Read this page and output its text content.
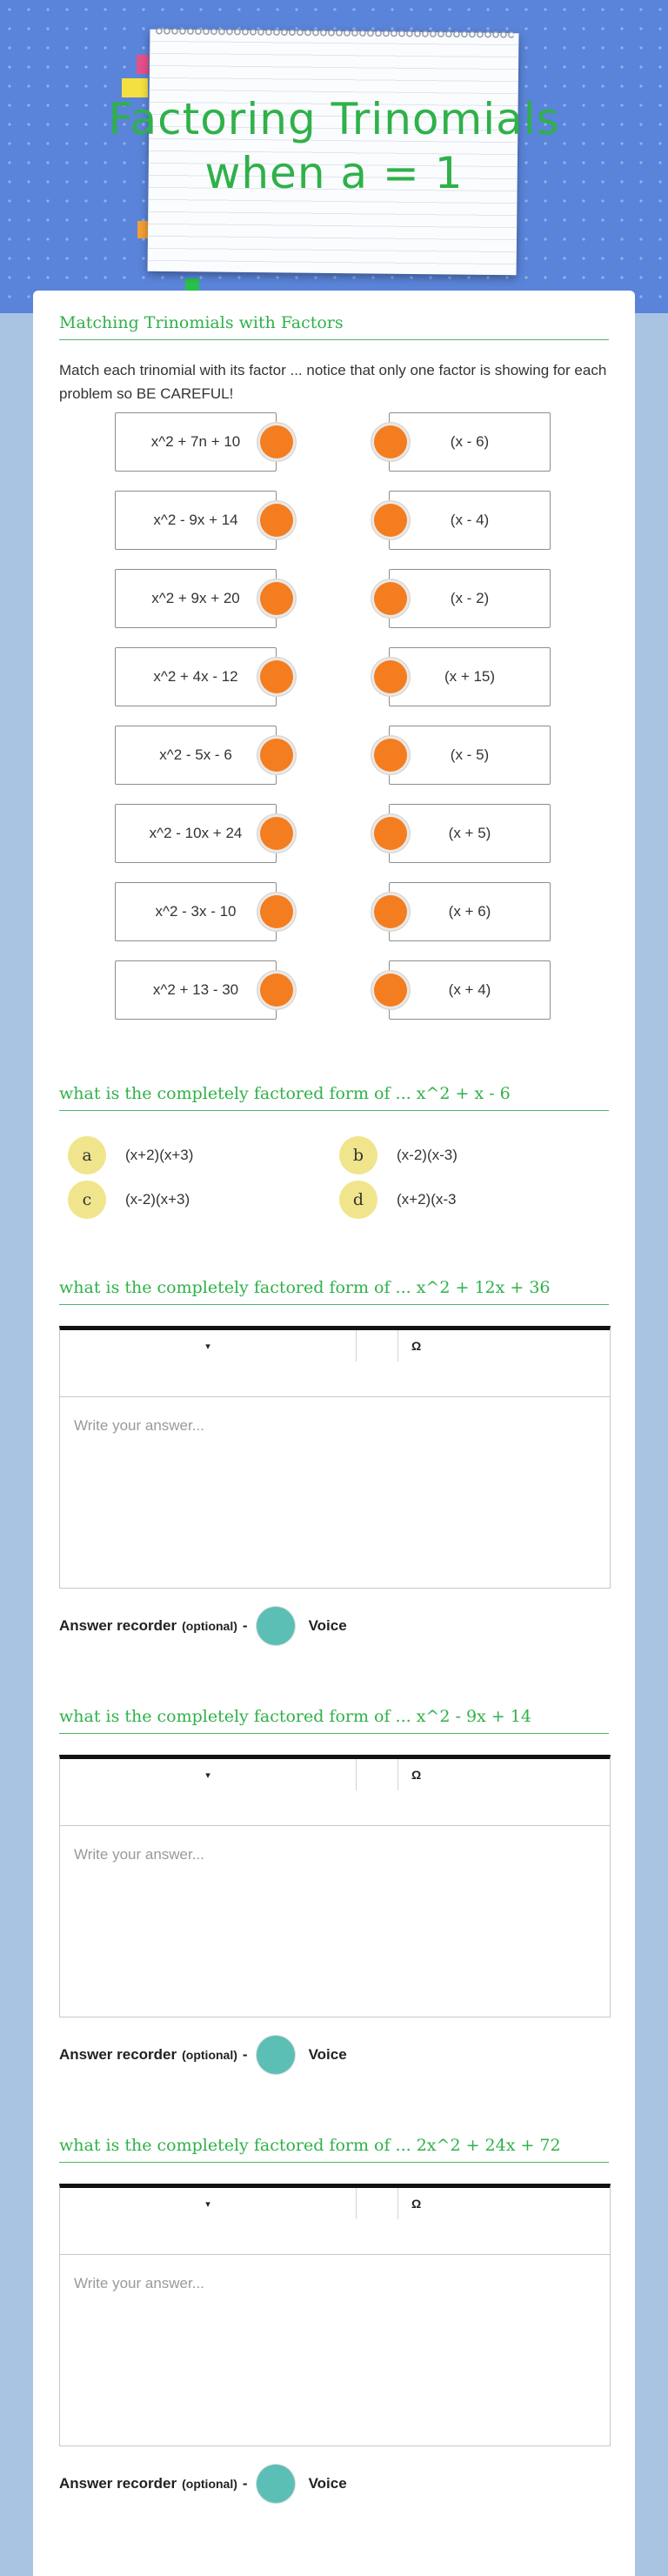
Factoring Trinomials
when a = 1
Matching Trinomials with Factors
Match each trinomial with its factor ... notice that only one factor is showing for each problem so BE CAREFUL!
x^2 + 7n + 10	(x - 6)
x^2 - 9x + 14	(x - 4)
x^2 + 9x + 20	(x - 2)
x^2 + 4x - 12	(x + 15)
x^2 - 5x - 6	(x - 5)
x^2 - 10x + 24	(x + 5)
x^2 - 3x - 10	(x + 6)
x^2 + 13 - 30	(x + 4)
what is the completely factored form of ... x^2 + x - 6
a	(x+2)(x+3)	b	(x-2)(x-3)
c	(x-2)(x+3)	d	(x+2)(x-3
what is the completely factored form of ... x^2 + 12x + 36
▾	Ω
Write your answer...
Answer recorder (optional) -	Voice
what is the completely factored form of ... x^2 - 9x + 14
▾	Ω
Write your answer...
Answer recorder (optional) -	Voice
what is the completely factored form of ... 2x^2 + 24x + 72
▾	Ω
Write your answer...
Answer recorder (optional) -	Voice
